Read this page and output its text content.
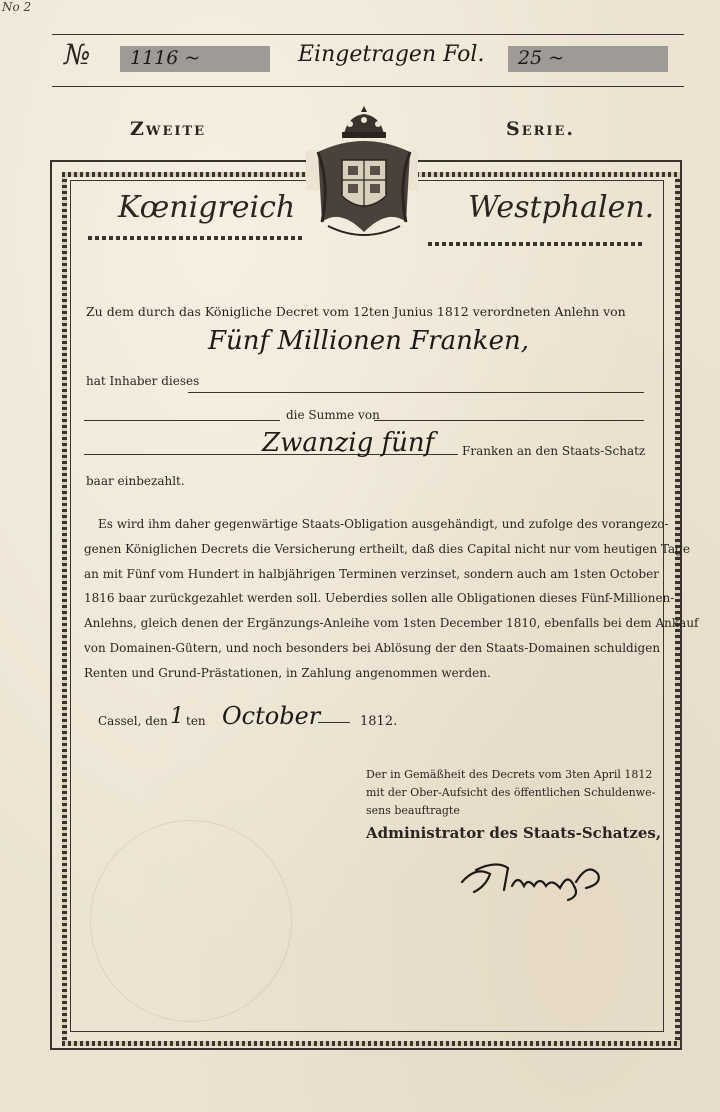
No 2
№ 1116 ~	Eingetragen Fol. 25 ~
Zweite	Serie.
Kœnigreich	Westphalen.
Zu dem durch das Königliche Decret vom 12ten Junius 1812 verordneten Anlehn von
Fünf Millionen Franken,
hat Inhaber dieses
die Summe von
Zwanzig fünf Franken an den Staats-Schatz
baar einbezahlt.
Es wird ihm daher gegenwärtige Staats-Obligation ausgehändigt, und zufolge des vorangezo-
genen Königlichen Decrets die Versicherung ertheilt, daß dies Capital nicht nur vom heutigen Tage
an mit Fünf vom Hundert in halbjährigen Terminen verzinset, sondern auch am 1sten October
1816 baar zurückgezahlet werden soll. Ueberdies sollen alle Obligationen dieses Fünf-Millionen-
Anlehns, gleich denen der Ergänzungs-Anleihe vom 1sten December 1810, ebenfalls bei dem Ankauf
von Domainen-Gütern, und noch besonders bei Ablösung der den Staats-Domainen schuldigen
Renten und Grund-Prästationen, in Zahlung angenommen werden.
Cassel, den 1 ten October	1812.
Der in Gemäßheit des Decrets vom 3ten April 1812
mit der Ober-Aufsicht des öffentlichen Schuldenwe-
sens beauftragte
Administrator des Staats-Schatzes,
